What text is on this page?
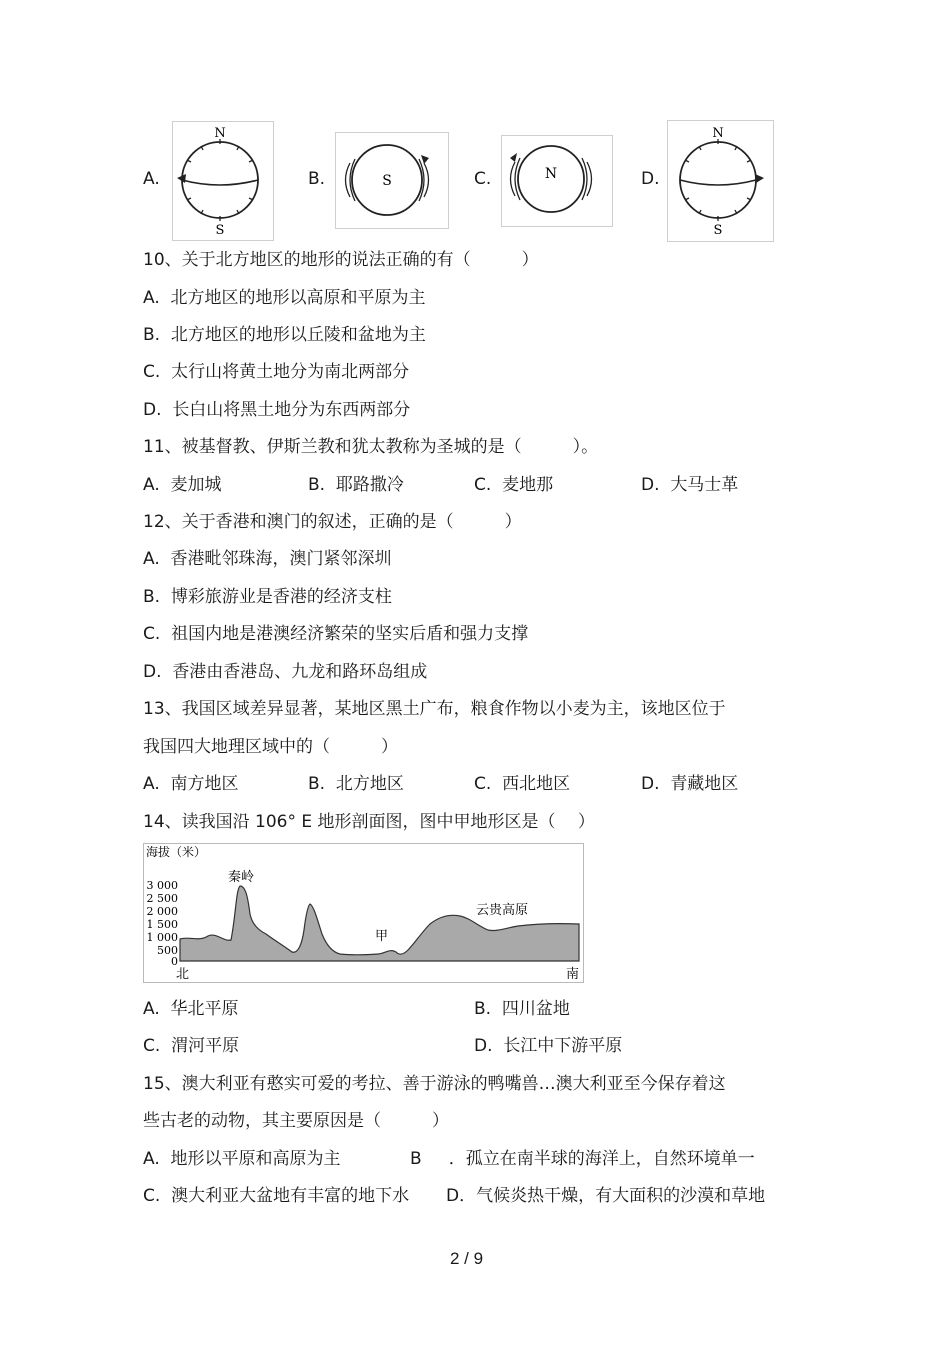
A.
N
S
B.	S	C.	N	D.
N
S
10、关于北方地区的地形的说法正确的有（　　　）
A. 北方地区的地形以高原和平原为主
B. 北方地区的地形以丘陵和盆地为主
C. 太行山将黄土地分为南北两部分
D. 长白山将黑土地分为东西两部分
11、被基督教、伊斯兰教和犹太教称为圣城的是（　　　）。
A. 麦加城	B. 耶路撒冷	C. 麦地那	D. 大马士革
12、关于香港和澳门的叙述，正确的是（　　　）
A. 香港毗邻珠海，澳门紧邻深圳
B. 博彩旅游业是香港的经济支柱
C. 祖国内地是港澳经济繁荣的坚实后盾和强力支撑
D. 香港由香港岛、九龙和路环岛组成
13、我国区域差异显著，某地区黑土广布，粮食作物以小麦为主，该地区位于
我国四大地理区域中的（　　　）
A. 南方地区	B. 北方地区	C. 西北地区	D. 青藏地区
14、读我国沿 106° E 地形剖面图，图中甲地形区是（　 ）
海拔（米）
3 000
2 500
2 000
1 500
1 000
500
0
秦岭
甲
云贵高原
北	南
A. 华北平原	B. 四川盆地
C. 渭河平原	D. 长江中下游平原
15、澳大利亚有憨实可爱的考拉、善于游泳的鸭嘴兽…澳大利亚至今保存着这
些古老的动物，其主要原因是（　　　）
A. 地形以平原和高原为主	B ．孤立在南半球的海洋上，自然环境单一
C. 澳大利亚大盆地有丰富的地下水 D．气候炎热干燥，有大面积的沙漠和草地
2 / 9
